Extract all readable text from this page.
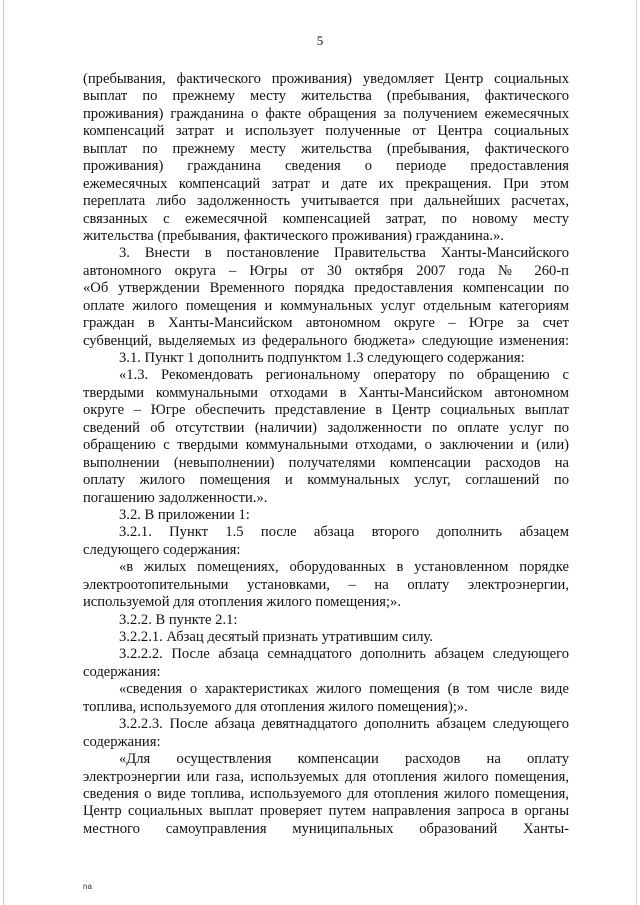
5
(пребывания, фактического проживания) уведомляет Центр социальных
выплат по прежнему месту жительства (пребывания, фактического
проживания) гражданина о факте обращения за получением ежемесячных
компенсаций затрат и использует полученные от Центра социальных
выплат по прежнему месту жительства (пребывания, фактического
проживания) гражданина сведения о периоде предоставления
ежемесячных компенсаций затрат и дате их прекращения. При этом
переплата либо задолженность учитывается при дальнейших расчетах,
связанных с ежемесячной компенсацией затрат, по новому месту
жительства (пребывания, фактического проживания) гражданина.».
3. Внести в постановление Правительства Ханты-Мансийского
автономного округа – Югры от 30 октября 2007 года № 260-п
«Об утверждении Временного порядка предоставления компенсации по
оплате жилого помещения и коммунальных услуг отдельным категориям
граждан в Ханты-Мансийском автономном округе – Югре за счет
субвенций, выделяемых из федерального бюджета» следующие изменения:
3.1. Пункт 1 дополнить подпунктом 1.3 следующего содержания:
«1.3. Рекомендовать региональному оператору по обращению с
твердыми коммунальными отходами в Ханты-Мансийском автономном
округе – Югре обеспечить представление в Центр социальных выплат
сведений об отсутствии (наличии) задолженности по оплате услуг по
обращению с твердыми коммунальными отходами, о заключении и (или)
выполнении (невыполнении) получателями компенсации расходов на
оплату жилого помещения и коммунальных услуг, соглашений по
погашению задолженности.».
3.2. В приложении 1:
3.2.1. Пункт 1.5 после абзаца второго дополнить абзацем
следующего содержания:
«в жилых помещениях, оборудованных в установленном порядке
электроотопительными установками, – на оплату электроэнергии,
используемой для отопления жилого помещения;».
3.2.2. В пункте 2.1:
3.2.2.1. Абзац десятый признать утратившим силу.
3.2.2.2. После абзаца семнадцатого дополнить абзацем следующего
содержания:
«сведения о характеристиках жилого помещения (в том числе виде
топлива, используемого для отопления жилого помещения);».
3.2.2.3. После абзаца девятнадцатого дополнить абзацем следующего
содержания:
«Для осуществления компенсации расходов на оплату
электроэнергии или газа, используемых для отопления жилого помещения,
сведения о виде топлива, используемого для отопления жилого помещения,
Центр социальных выплат проверяет путем направления запроса в органы
местного самоуправления муниципальных образований Ханты-
na
